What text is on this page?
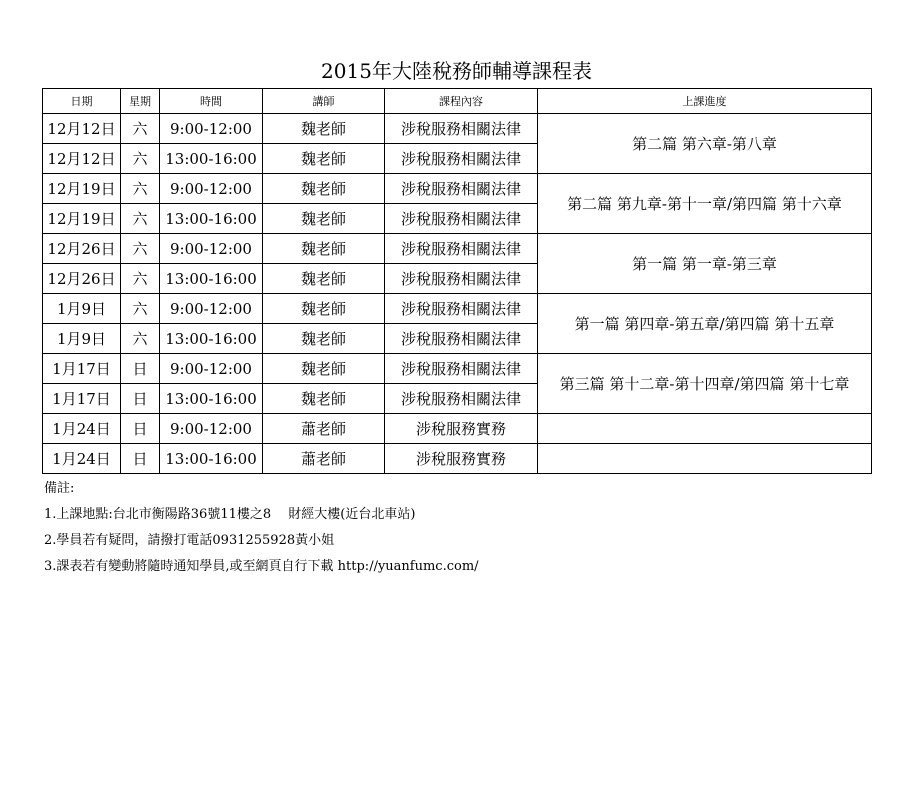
2015年大陸稅務師輔導課程表
日期	星期	時間	講師	課程內容	上課進度
12月12日	六	9:00-12:00	魏老師	涉稅服務相關法律	第二篇 第六章-第八章
12月12日	六	13:00-16:00	魏老師	涉稅服務相關法律	
12月19日	六	9:00-12:00	魏老師	涉稅服務相關法律	第二篇 第九章-第十一章/第四篇 第十六章
12月19日	六	13:00-16:00	魏老師	涉稅服務相關法律	
12月26日	六	9:00-12:00	魏老師	涉稅服務相關法律	第一篇 第一章-第三章
12月26日	六	13:00-16:00	魏老師	涉稅服務相關法律	
1月9日	六	9:00-12:00	魏老師	涉稅服務相關法律	第一篇 第四章-第五章/第四篇 第十五章
1月9日	六	13:00-16:00	魏老師	涉稅服務相關法律	
1月17日	日	9:00-12:00	魏老師	涉稅服務相關法律	第三篇 第十二章-第十四章/第四篇 第十七章
1月17日	日	13:00-16:00	魏老師	涉稅服務相關法律	
1月24日	日	9:00-12:00	蕭老師	涉稅服務實務	
1月24日	日	13:00-16:00	蕭老師	涉稅服務實務	
備註:
1.上課地點:台北市衡陽路36號11樓之8　 財經大樓(近台北車站)
2.學員若有疑問，請撥打電話0931255928黃小姐
3.課表若有變動將隨時通知學員,或至網頁自行下載 http://yuanfumc.com/
